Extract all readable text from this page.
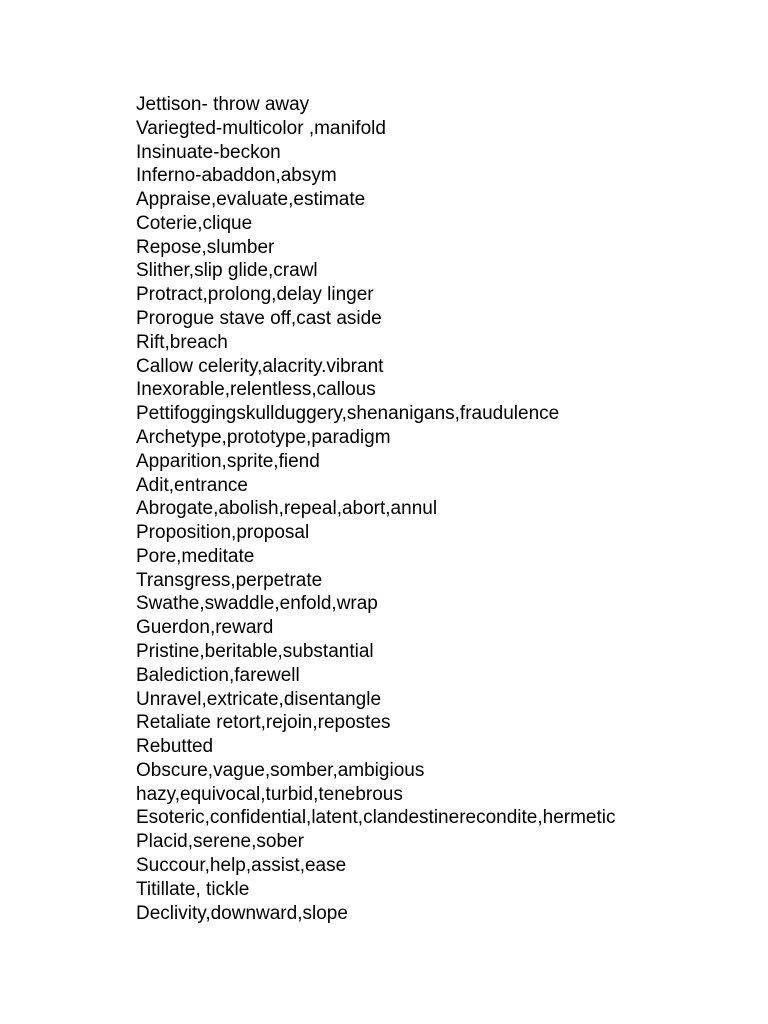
Jettison- throw away
Variegted-multicolor ,manifold
Insinuate-beckon
Inferno-abaddon,absym
Appraise,evaluate,estimate
Coterie,clique
Repose,slumber
Slither,slip glide,crawl
Protract,prolong,delay linger
Prorogue stave off,cast aside
Rift,breach
Callow celerity,alacrity.vibrant
Inexorable,relentless,callous
Pettifoggingskullduggery,shenanigans,fraudulence
Archetype,prototype,paradigm
Apparition,sprite,fiend
Adit,entrance
Abrogate,abolish,repeal,abort,annul
Proposition,proposal
Pore,meditate
Transgress,perpetrate
Swathe,swaddle,enfold,wrap
Guerdon,reward
Pristine,beritable,substantial
Balediction,farewell
Unravel,extricate,disentangle
Retaliate retort,rejoin,repostes
Rebutted
Obscure,vague,somber,ambigious
hazy,equivocal,turbid,tenebrous
Esoteric,confidential,latent,clandestinerecondite,hermetic
Placid,serene,sober
Succour,help,assist,ease
Titillate, tickle
Declivity,downward,slope
